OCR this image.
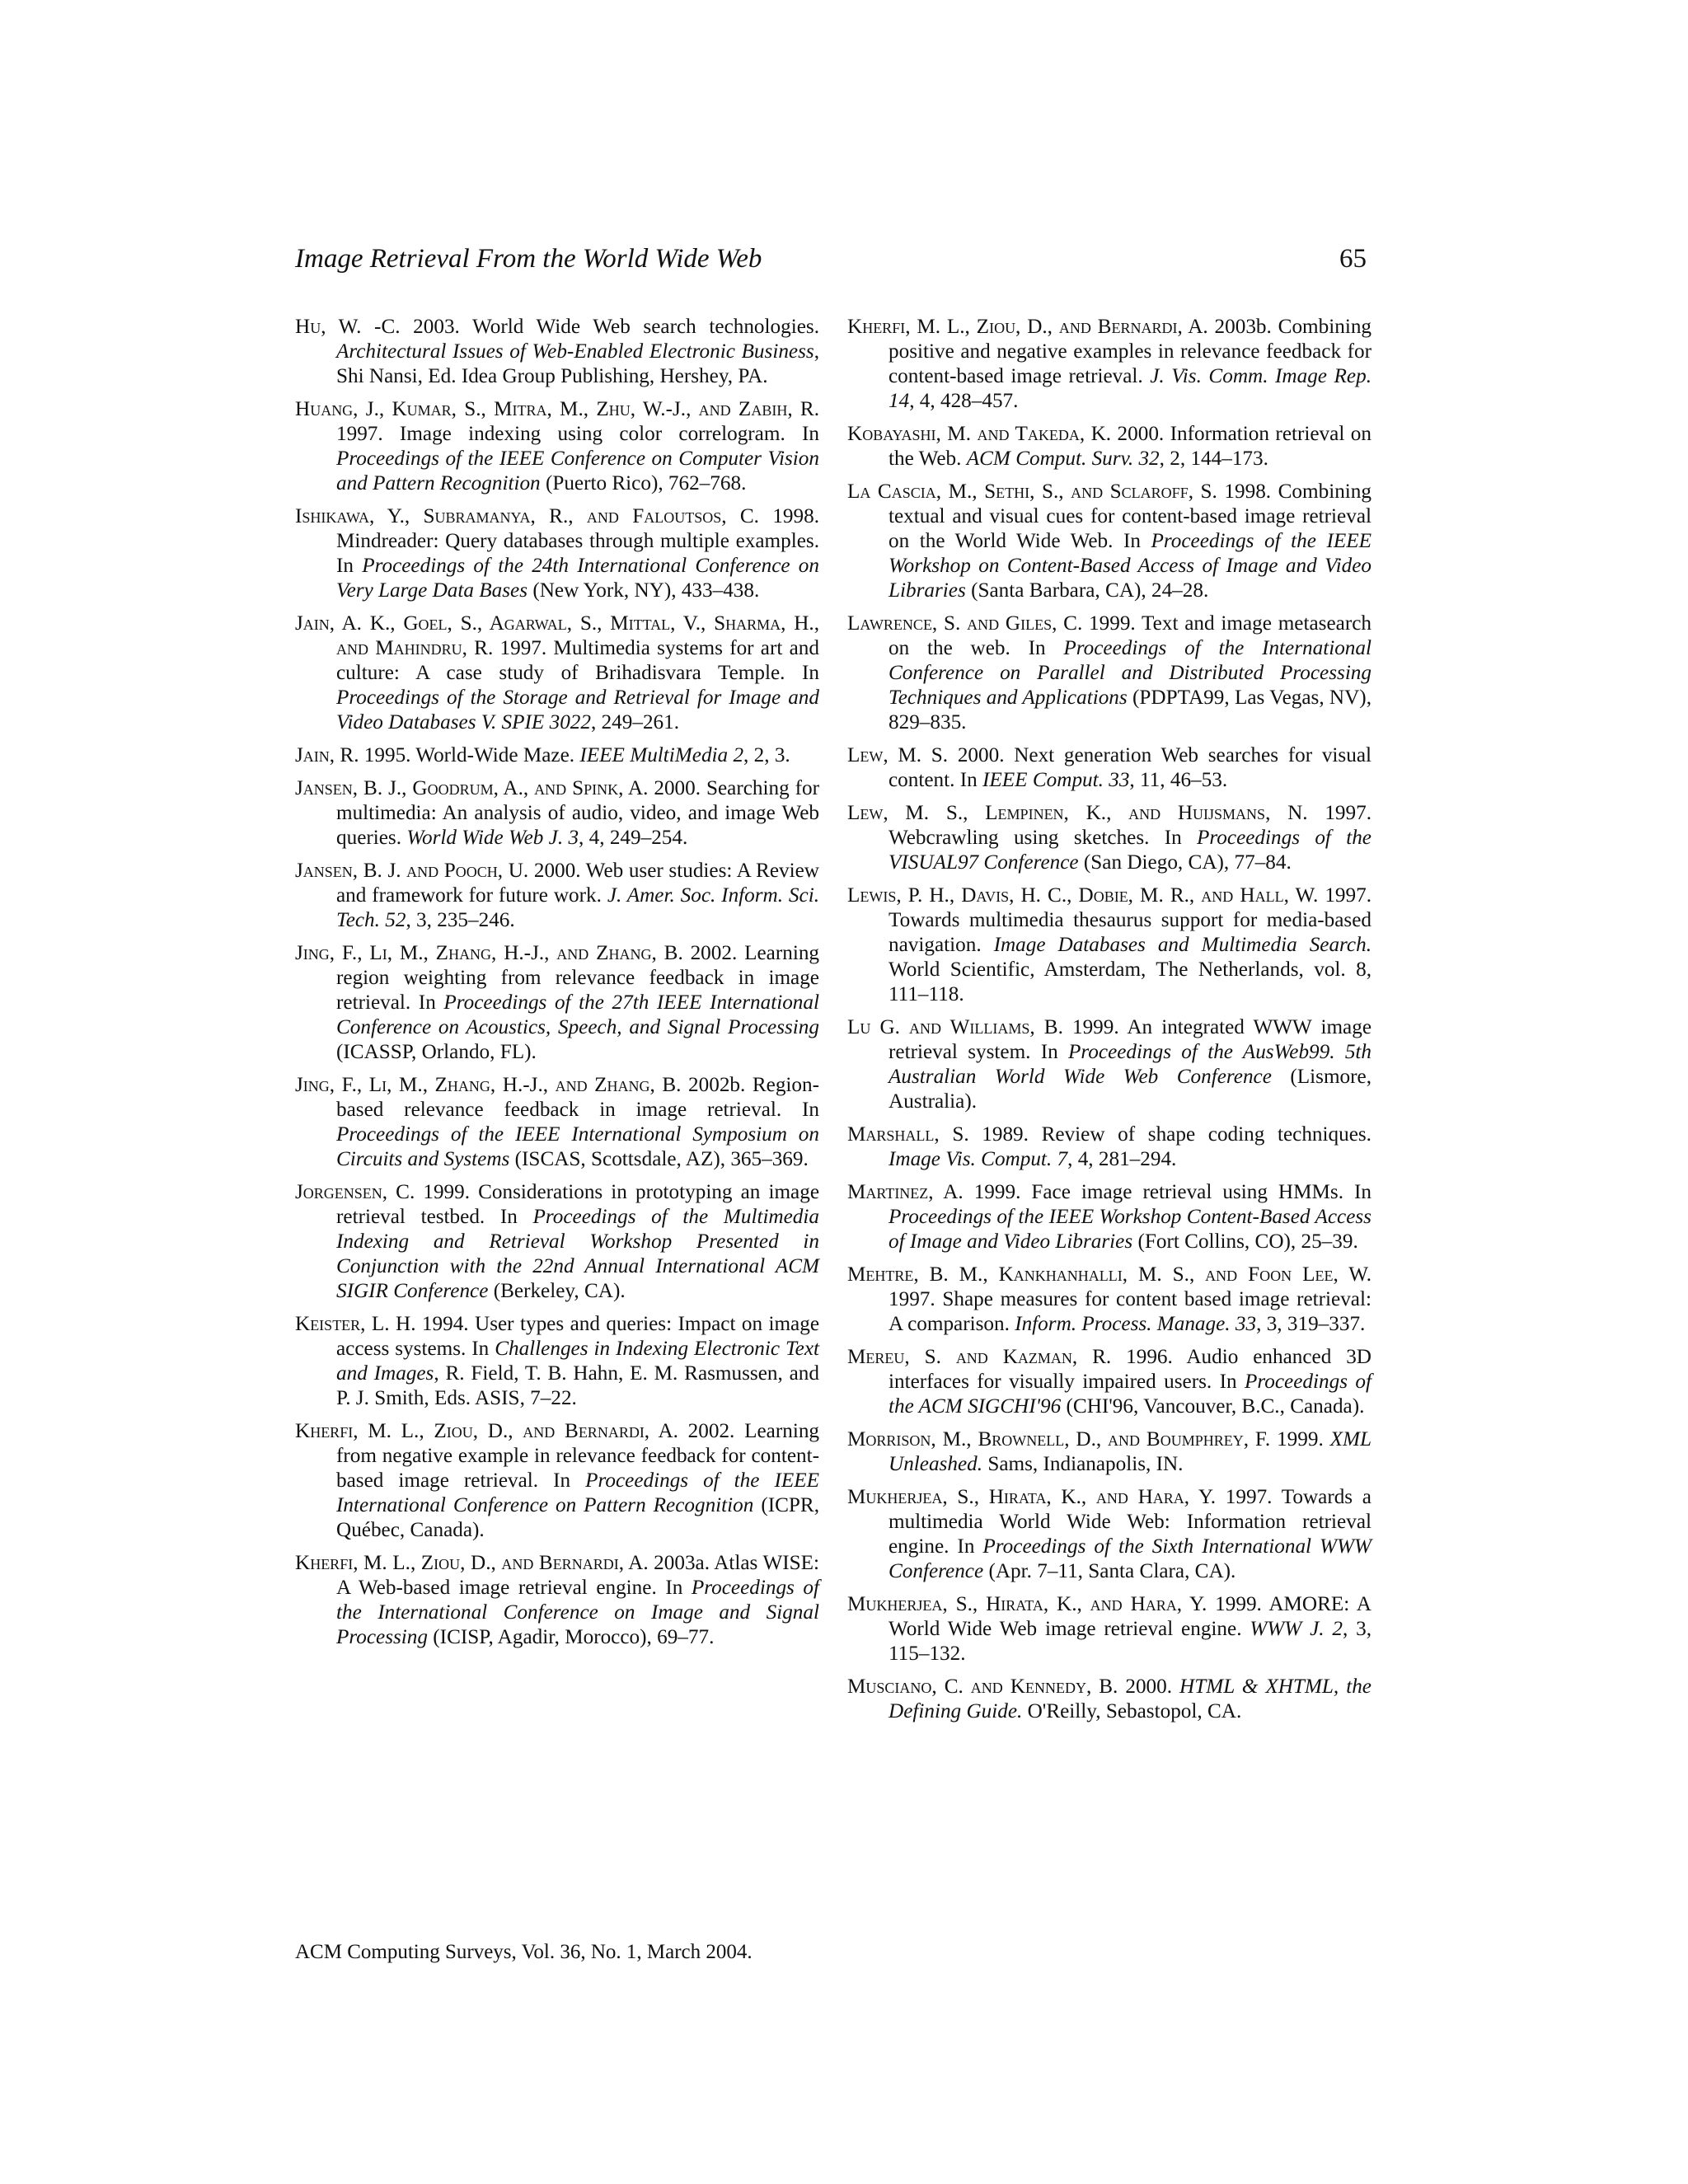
Image Retrieval From the World Wide Web	65

Hu, W. -C. 2003. World Wide Web search technologies. Architectural Issues of Web-Enabled Electronic Business, Shi Nansi, Ed. Idea Group Publishing, Hershey, PA.

Huang, J., Kumar, S., Mitra, M., Zhu, W.-J., and Zabih, R. 1997. Image indexing using color correlogram. In Proceedings of the IEEE Conference on Computer Vision and Pattern Recognition (Puerto Rico), 762–768.

Ishikawa, Y., Subramanya, R., and Faloutsos, C. 1998. Mindreader: Query databases through multiple examples. In Proceedings of the 24th International Conference on Very Large Data Bases (New York, NY), 433–438.

Jain, A. K., Goel, S., Agarwal, S., Mittal, V., Sharma, H., and Mahindru, R. 1997. Multimedia systems for art and culture: A case study of Brihadisvara Temple. In Proceedings of the Storage and Retrieval for Image and Video Databases V. SPIE 3022, 249–261.

Jain, R. 1995. World-Wide Maze. IEEE MultiMedia 2, 2, 3.

Jansen, B. J., Goodrum, A., and Spink, A. 2000. Searching for multimedia: An analysis of audio, video, and image Web queries. World Wide Web J. 3, 4, 249–254.

Jansen, B. J. and Pooch, U. 2000. Web user studies: A Review and framework for future work. J. Amer. Soc. Inform. Sci. Tech. 52, 3, 235–246.

Jing, F., Li, M., Zhang, H.-J., and Zhang, B. 2002. Learning region weighting from relevance feedback in image retrieval. In Proceedings of the 27th IEEE International Conference on Acoustics, Speech, and Signal Processing (ICASSP, Orlando, FL).

Jing, F., Li, M., Zhang, H.-J., and Zhang, B. 2002b. Region-based relevance feedback in image retrieval. In Proceedings of the IEEE International Symposium on Circuits and Systems (ISCAS, Scottsdale, AZ), 365–369.

Jorgensen, C. 1999. Considerations in prototyping an image retrieval testbed. In Proceedings of the Multimedia Indexing and Retrieval Workshop Presented in Conjunction with the 22nd Annual International ACM SIGIR Conference (Berkeley, CA).

Keister, L. H. 1994. User types and queries: Impact on image access systems. In Challenges in Indexing Electronic Text and Images, R. Field, T. B. Hahn, E. M. Rasmussen, and P. J. Smith, Eds. ASIS, 7–22.

Kherfi, M. L., Ziou, D., and Bernardi, A. 2002. Learning from negative example in relevance feedback for content-based image retrieval. In Proceedings of the IEEE International Conference on Pattern Recognition (ICPR, Québec, Canada).

Kherfi, M. L., Ziou, D., and Bernardi, A. 2003a. Atlas WISE: A Web-based image retrieval engine. In Proceedings of the International Conference on Image and Signal Processing (ICISP, Agadir, Morocco), 69–77.

Kherfi, M. L., Ziou, D., and Bernardi, A. 2003b. Combining positive and negative examples in relevance feedback for content-based image retrieval. J. Vis. Comm. Image Rep. 14, 4, 428–457.

Kobayashi, M. and Takeda, K. 2000. Information retrieval on the Web. ACM Comput. Surv. 32, 2, 144–173.

La Cascia, M., Sethi, S., and Sclaroff, S. 1998. Combining textual and visual cues for content-based image retrieval on the World Wide Web. In Proceedings of the IEEE Workshop on Content-Based Access of Image and Video Libraries (Santa Barbara, CA), 24–28.

Lawrence, S. and Giles, C. 1999. Text and image metasearch on the web. In Proceedings of the International Conference on Parallel and Distributed Processing Techniques and Applications (PDPTA99, Las Vegas, NV), 829–835.

Lew, M. S. 2000. Next generation Web searches for visual content. In IEEE Comput. 33, 11, 46–53.

Lew, M. S., Lempinen, K., and Huijsmans, N. 1997. Webcrawling using sketches. In Proceedings of the VISUAL97 Conference (San Diego, CA), 77–84.

Lewis, P. H., Davis, H. C., Dobie, M. R., and Hall, W. 1997. Towards multimedia thesaurus support for media-based navigation. Image Databases and Multimedia Search. World Scientific, Amsterdam, The Netherlands, vol. 8, 111–118.

Lu G. and Williams, B. 1999. An integrated WWW image retrieval system. In Proceedings of the AusWeb99. 5th Australian World Wide Web Conference (Lismore, Australia).

Marshall, S. 1989. Review of shape coding techniques. Image Vis. Comput. 7, 4, 281–294.

Martinez, A. 1999. Face image retrieval using HMMs. In Proceedings of the IEEE Workshop Content-Based Access of Image and Video Libraries (Fort Collins, CO), 25–39.

Mehtre, B. M., Kankhanhalli, M. S., and Foon Lee, W. 1997. Shape measures for content based image retrieval: A comparison. Inform. Process. Manage. 33, 3, 319–337.

Mereu, S. and Kazman, R. 1996. Audio enhanced 3D interfaces for visually impaired users. In Proceedings of the ACM SIGCHI'96 (CHI'96, Vancouver, B.C., Canada).

Morrison, M., Brownell, D., and Boumphrey, F. 1999. XML Unleashed. Sams, Indianapolis, IN.

Mukherjea, S., Hirata, K., and Hara, Y. 1997. Towards a multimedia World Wide Web: Information retrieval engine. In Proceedings of the Sixth International WWW Conference (Apr. 7–11, Santa Clara, CA).

Mukherjea, S., Hirata, K., and Hara, Y. 1999. AMORE: A World Wide Web image retrieval engine. WWW J. 2, 3, 115–132.

Musciano, C. and Kennedy, B. 2000. HTML & XHTML, the Defining Guide. O'Reilly, Sebastopol, CA.

ACM Computing Surveys, Vol. 36, No. 1, March 2004.
